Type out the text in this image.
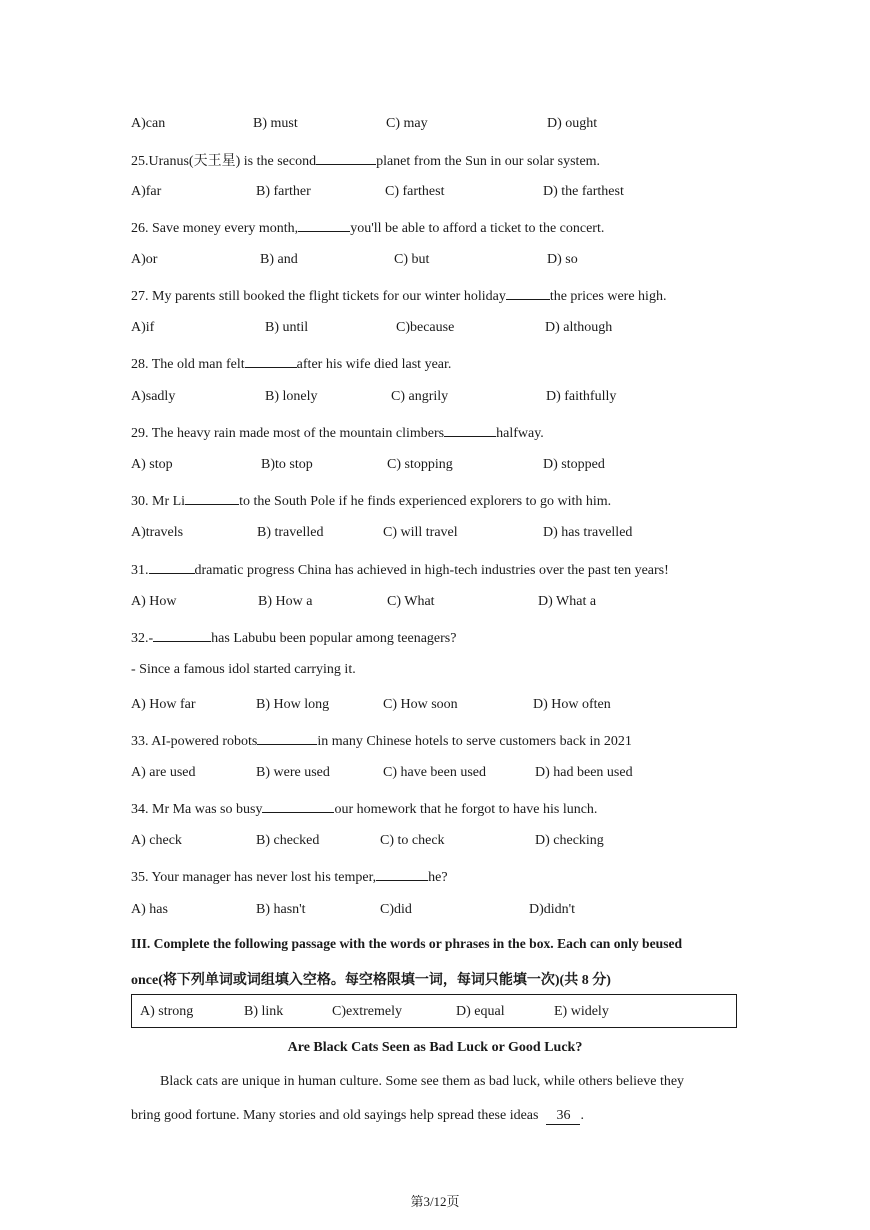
A)can	B) must	C) may	D) ought
25.Uranus(天王星) is the second	planet from the Sun in our solar system.
A)far	B) farther	C) farthest	D) the farthest
26. Save money every month,	you'll be able to afford a ticket to the concert.
A)or	B) and	C) but	D) so
27. My parents still booked the flight tickets for our winter holiday	the prices were high.
A)if	B) until	C)because	D) although
28. The old man felt	after his wife died last year.
A)sadly	B) lonely	C) angrily	D) faithfully
29. The heavy rain made most of the mountain climbers	halfway.
A) stop	B)to stop	C) stopping	D) stopped
30. Mr Li	to the South Pole if he finds experienced explorers to go with him.
A)travels	B) travelled	C) will travel	D) has travelled
31.	dramatic progress China has achieved in high-tech industries over the past ten years!
A) How	B) How a	C) What	D) What a
32.-	has Labubu been popular among teenagers?
- Since a famous idol started carrying it.
A) How far	B) How long	C) How soon	D) How often
33. AI-powered robots	in many Chinese hotels to serve customers back in 2021
A) are used	B) were used	C) have been used	D) had been used
34. Mr Ma was so busy	our homework that he forgot to have his lunch.
A) check	B) checked	C) to check	D) checking
35. Your manager has never lost his temper,	he?
A) has	B) hasn't	C)did	D)didn't
III. Complete the following passage with the words or phrases in the box. Each can only beused
once(将下列单词或词组填入空格。每空格限填一词，每词只能填一次)(共 8 分)
A) strong	B) link	C)extremely	D) equal	E) widely
Are Black Cats Seen as Bad Luck or Good Luck?
Black cats are unique in human culture. Some see them as bad luck, while others believe they
bring good fortune. Many stories and old sayings help spread these ideas 36 .
第3/12页
